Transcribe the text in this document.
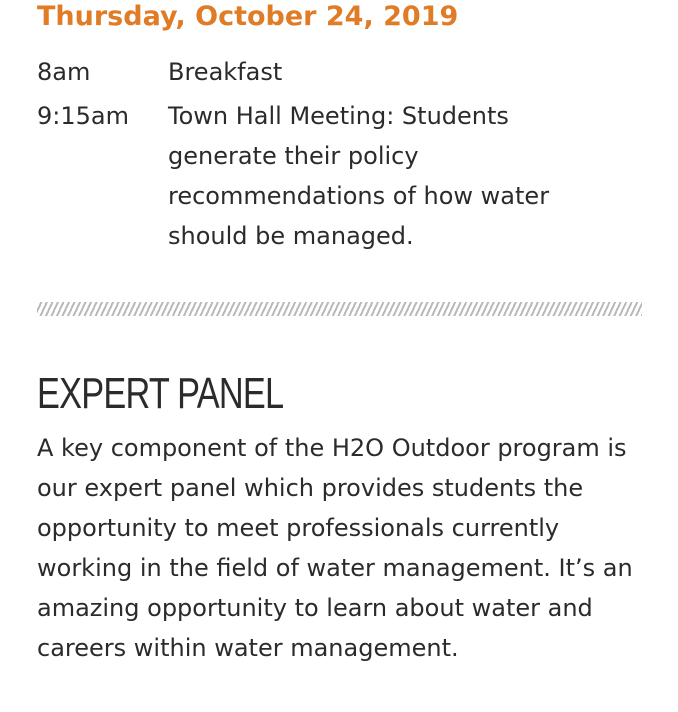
Thursday, October 24, 2019
8am	Breakfast
9:15am	Town Hall Meeting: Students generate their policy recommendations of how water should be managed.
EXPERT PANEL

A key component of the H2O Outdoor program is our expert panel which provides students the opportunity to meet professionals currently working in the field of water management. It’s an amazing opportunity to learn about water and careers within water management.
